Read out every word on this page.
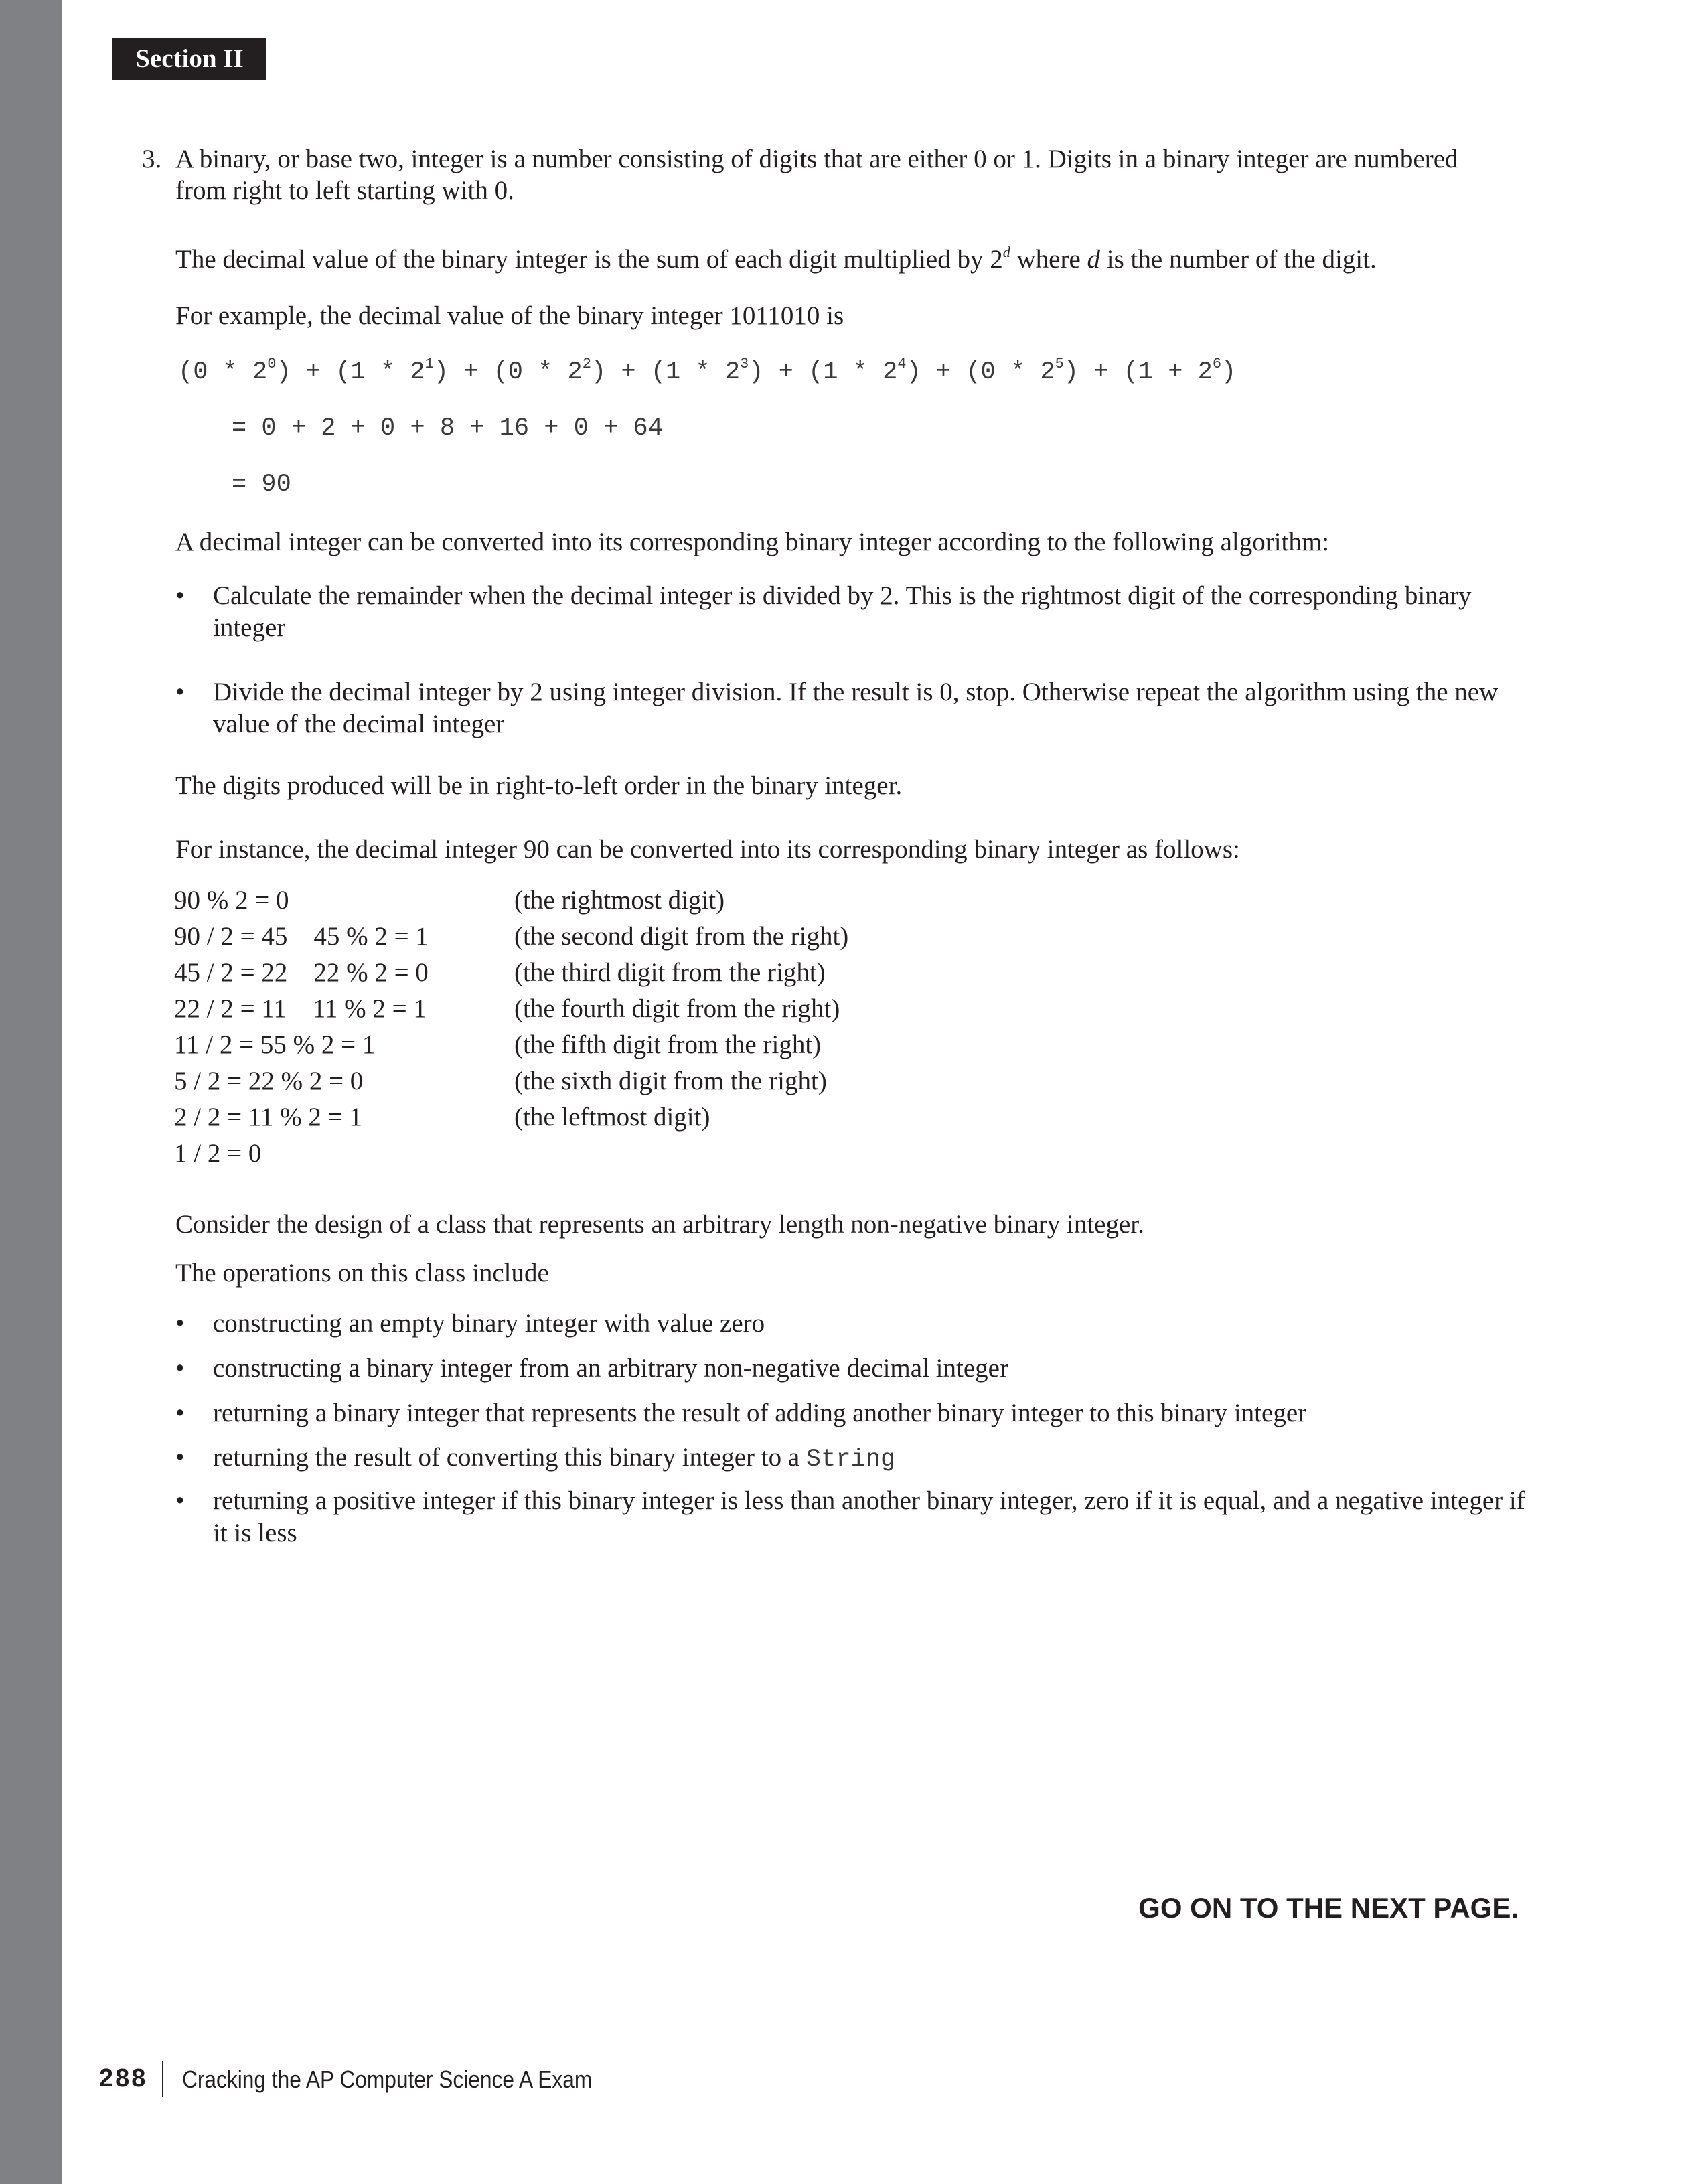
Section II
3. A binary, or base two, integer is a number consisting of digits that are either 0 or 1. Digits in a binary integer are numbered
from right to left starting with 0.
The decimal value of the binary integer is the sum of each digit multiplied by 2$^d$ where d is the number of the digit.
For example, the decimal value of the binary integer 1011010 is
$(0 * 2^0) + (1 * 2^1) + (0 * 2^2) + (1 * 2^3) + (1 * 2^4) + (0 * 2^5) + (1 + 2^6)$
= 0 + 2 + 0 + 8 + 16 + 0 + 64
= 90
A decimal integer can be converted into its corresponding binary integer according to the following algorithm:
• Calculate the remainder when the decimal integer is divided by 2. This is the rightmost digit of the corresponding binary integer
• Divide the decimal integer by 2 using integer division. If the result is 0, stop. Otherwise repeat the algorithm using the new value of the decimal integer
The digits produced will be in right-to-left order in the binary integer.
For instance, the decimal integer 90 can be converted into its corresponding binary integer as follows:
90 % 2 = 0	(the rightmost digit)
90 / 2 = 45    45 % 2 = 1	(the second digit from the right)
45 / 2 = 22    22 % 2 = 0	(the third digit from the right)
22 / 2 = 11    11 % 2 = 1	(the fourth digit from the right)
11 / 2 = 55 % 2 = 1	(the fifth digit from the right)
5 / 2 = 22 % 2 = 0	(the sixth digit from the right)
2 / 2 = 11 % 2 = 1	(the leftmost digit)
1 / 2 = 0
Consider the design of a class that represents an arbitrary length non-negative binary integer.
The operations on this class include
• constructing an empty binary integer with value zero
• constructing a binary integer from an arbitrary non-negative decimal integer
• returning a binary integer that represents the result of adding another binary integer to this binary integer
• returning the result of converting this binary integer to a String
• returning a positive integer if this binary integer is less than another binary integer, zero if it is equal, and a negative integer if it is less
GO ON TO THE NEXT PAGE.
288 Cracking the AP Computer Science A Exam
